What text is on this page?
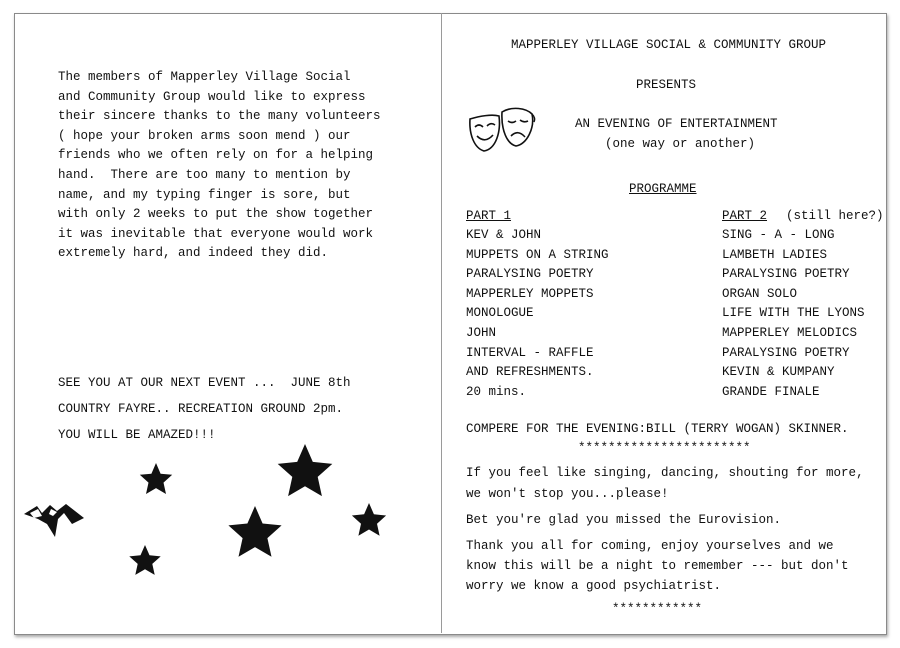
The members of Mapperley Village Social
and Community Group would like to express
their sincere thanks to the many volunteers
( hope your broken arms soon mend ) our
friends who we often rely on for a helping
hand.  There are too many to mention by
name, and my typing finger is sore, but
with only 2 weeks to put the show together
it was inevitable that everyone would work
extremely hard, and indeed they did.
SEE YOU AT OUR NEXT EVENT ...  JUNE 8th
COUNTRY FAYRE.. RECREATION GROUND 2pm.
YOU WILL BE AMAZED!!!
MAPPERLEY VILLAGE SOCIAL & COMMUNITY GROUP
PRESENTS
AN EVENING OF ENTERTAINMENT
(one way or another)
PROGRAMME
PART 1
KEV & JOHN
MUPPETS ON A STRING
PARALYSING POETRY
MAPPERLEY MOPPETS
MONOLOGUE
JOHN
INTERVAL - RAFFLE
AND REFRESHMENTS.
20 mins.
PART 2 (still here?)
SING - A - LONG
LAMBETH LADIES
PARALYSING POETRY
ORGAN SOLO
LIFE WITH THE LYONS
MAPPERLEY MELODICS
PARALYSING POETRY
KEVIN & KUMPANY
GRANDE FINALE
COMPERE FOR THE EVENING:BILL (TERRY WOGAN) SKINNER.
***********************
If you feel like singing, dancing, shouting for more,
we won't stop you...please!
Bet you're glad you missed the Eurovision.
Thank you all for coming, enjoy yourselves and we
know this will be a night to remember --- but don't
worry we know a good psychiatrist.
************
